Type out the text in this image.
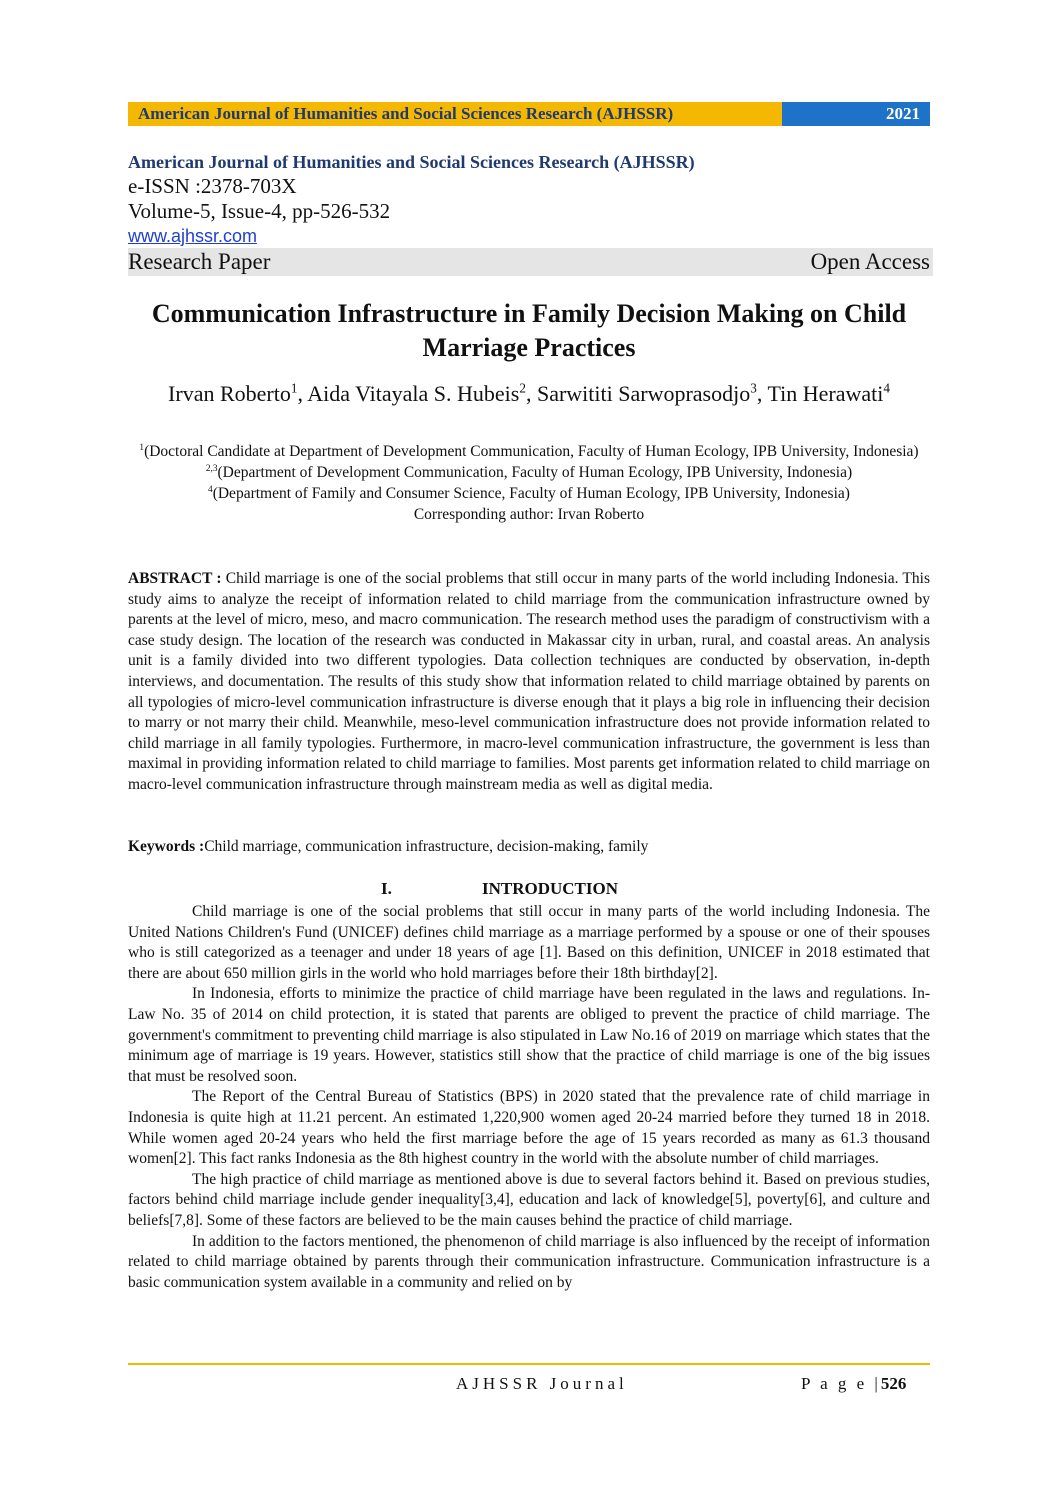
American Journal of Humanities and Social Sciences Research (AJHSSR)	2021
American Journal of Humanities and Social Sciences Research (AJHSSR)
e-ISSN :2378-703X
Volume-5, Issue-4, pp-526-532
www.ajhssr.com
Research Paper	Open Access
Communication Infrastructure in Family Decision Making on Child Marriage Practices
Irvan Roberto$^1$, Aida Vitayala S. Hubeis$^2$, Sarwititi Sarwoprasodjo$^3$, Tin Herawati$^4$
$^1$(Doctoral Candidate at Department of Development Communication, Faculty of Human Ecology, IPB University, Indonesia)
$^{2,3}$(Department of Development Communication, Faculty of Human Ecology, IPB University, Indonesia)
$^4$(Department of Family and Consumer Science, Faculty of Human Ecology, IPB University, Indonesia)
Corresponding author: Irvan Roberto
ABSTRACT : Child marriage is one of the social problems that still occur in many parts of the world including Indonesia. This study aims to analyze the receipt of information related to child marriage from the communication infrastructure owned by parents at the level of micro, meso, and macro communication. The research method uses the paradigm of constructivism with a case study design. The location of the research was conducted in Makassar city in urban, rural, and coastal areas. An analysis unit is a family divided into two different typologies. Data collection techniques are conducted by observation, in-depth interviews, and documentation. The results of this study show that information related to child marriage obtained by parents on all typologies of micro-level communication infrastructure is diverse enough that it plays a big role in influencing their decision to marry or not marry their child. Meanwhile, meso-level communication infrastructure does not provide information related to child marriage in all family typologies. Furthermore, in macro-level communication infrastructure, the government is less than maximal in providing information related to child marriage to families. Most parents get information related to child marriage on macro-level communication infrastructure through mainstream media as well as digital media.
Keywords :Child marriage, communication infrastructure, decision-making, family
I.	INTRODUCTION

Child marriage is one of the social problems that still occur in many parts of the world including Indonesia. The United Nations Children's Fund (UNICEF) defines child marriage as a marriage performed by a spouse or one of their spouses who is still categorized as a teenager and under 18 years of age [1]. Based on this definition, UNICEF in 2018 estimated that there are about 650 million girls in the world who hold marriages before their 18th birthday[2].

In Indonesia, efforts to minimize the practice of child marriage have been regulated in the laws and regulations. In-Law No. 35 of 2014 on child protection, it is stated that parents are obliged to prevent the practice of child marriage. The government's commitment to preventing child marriage is also stipulated in Law No.16 of 2019 on marriage which states that the minimum age of marriage is 19 years. However, statistics still show that the practice of child marriage is one of the big issues that must be resolved soon.

The Report of the Central Bureau of Statistics (BPS) in 2020 stated that the prevalence rate of child marriage in Indonesia is quite high at 11.21 percent. An estimated 1,220,900 women aged 20-24 married before they turned 18 in 2018. While women aged 20-24 years who held the first marriage before the age of 15 years recorded as many as 61.3 thousand women[2]. This fact ranks Indonesia as the 8th highest country in the world with the absolute number of child marriages.

The high practice of child marriage as mentioned above is due to several factors behind it. Based on previous studies, factors behind child marriage include gender inequality[3,4], education and lack of knowledge[5], poverty[6], and culture and beliefs[7,8]. Some of these factors are believed to be the main causes behind the practice of child marriage.

In addition to the factors mentioned, the phenomenon of child marriage is also influenced by the receipt of information related to child marriage obtained by parents through their communication infrastructure. Communication infrastructure is a basic communication system available in a community and relied on by

AJHSSR Journal	P a g e |526
